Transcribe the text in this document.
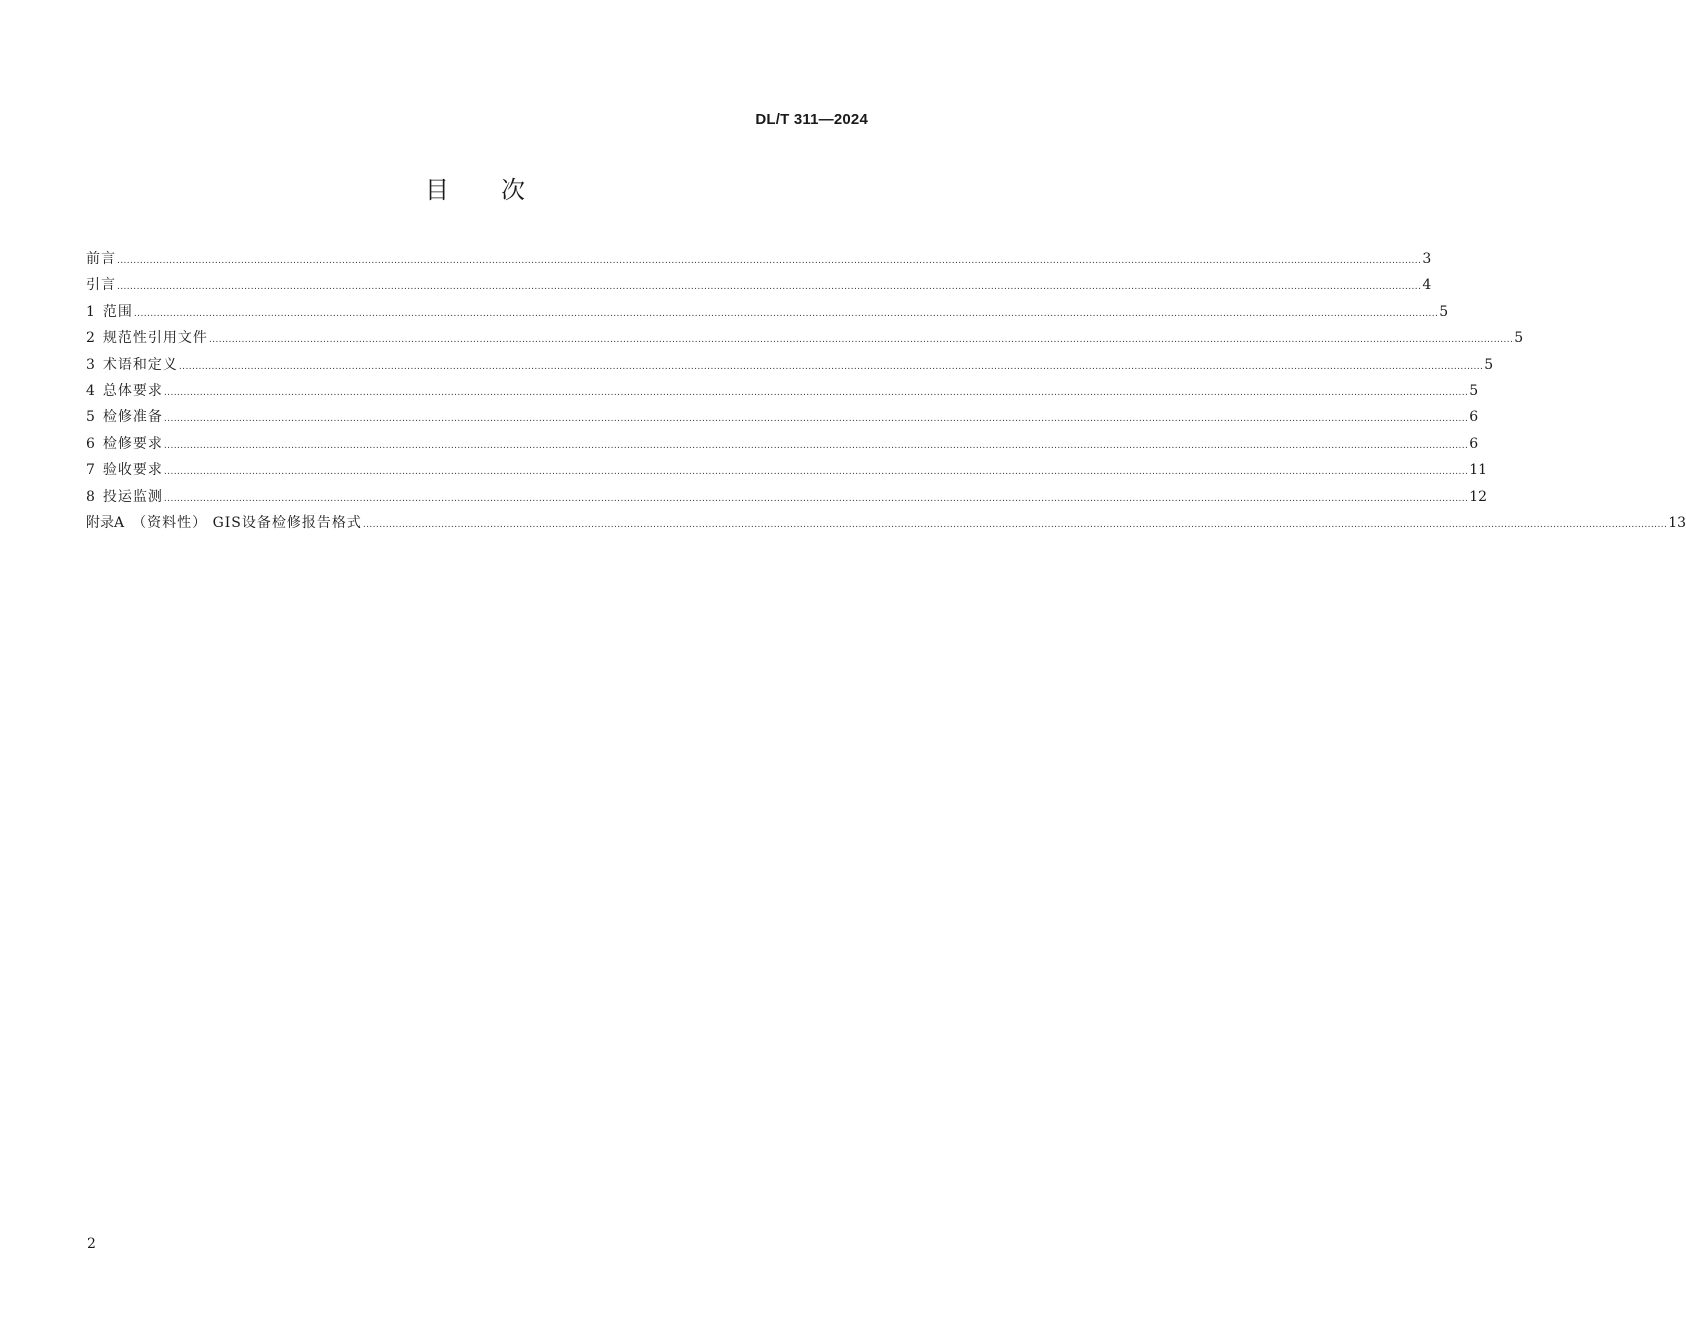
DL/T 311—2024
目 次
前言 ................................................................................................................................................................................................................................................................................................................................................................................................................ 3
引言 ................................................................................................................................................................................................................................................................................................................................................................................................................ 4
1 范围 ................................................................................................................................................................................................................................................................................................................................................................................................................ 5
2 规范性引用文件 ................................................................................................................................................................................................................................................................................................................................................................................................................ 5
3 术语和定义 ................................................................................................................................................................................................................................................................................................................................................................................................................ 5
4 总体要求 ................................................................................................................................................................................................................................................................................................................................................................................................................ 5
5 检修准备 ................................................................................................................................................................................................................................................................................................................................................................................................................ 6
6 检修要求 ................................................................................................................................................................................................................................................................................................................................................................................................................ 6
7 验收要求 ................................................................................................................................................................................................................................................................................................................................................................................................................ 11
8 投运监测 ................................................................................................................................................................................................................................................................................................................................................................................................................ 12
附录A （资料性） GIS设备检修报告格式 ................................................................................................................................................................................................................................................................................................................................................................................................................ 13
2
